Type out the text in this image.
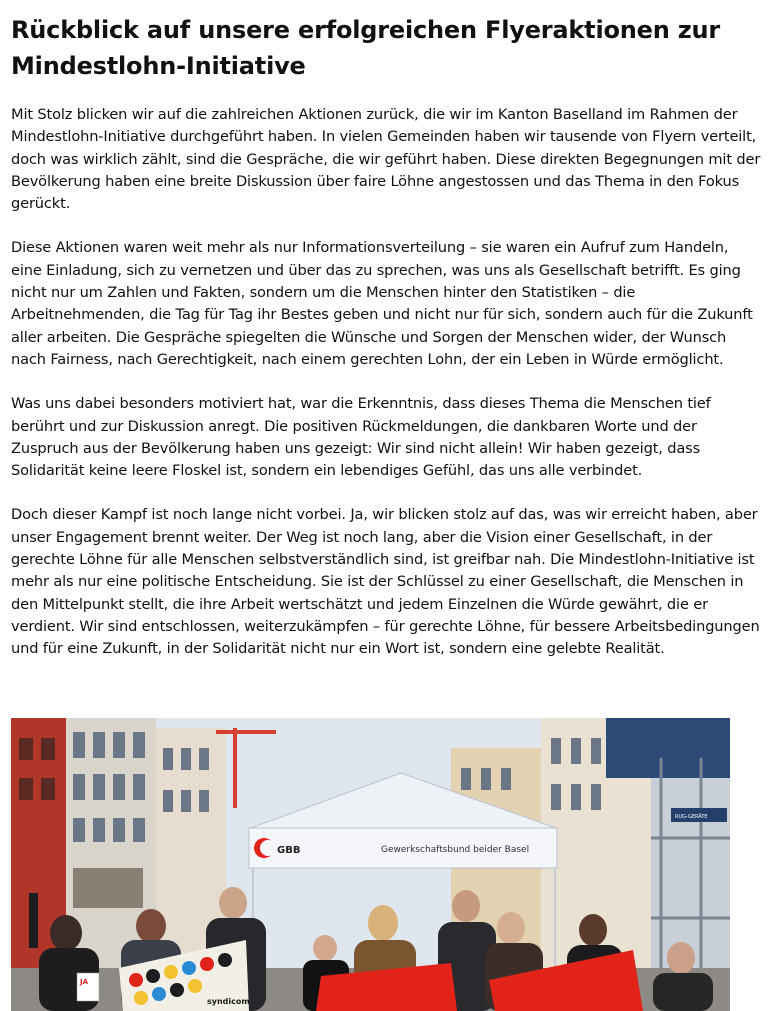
Rückblick auf unsere erfolgreichen Flyeraktionen zur Mindestlohn-Initiative

Mit Stolz blicken wir auf die zahlreichen Aktionen zurück, die wir im Kanton Baselland im Rahmen der Mindestlohn-Initiative durchgeführt haben. In vielen Gemeinden haben wir tausende von Flyern verteilt, doch was wirklich zählt, sind die Gespräche, die wir geführt haben. Diese direkten Begegnungen mit der Bevölkerung haben eine breite Diskussion über faire Löhne angestossen und das Thema in den Fokus gerückt.

Diese Aktionen waren weit mehr als nur Informationsverteilung – sie waren ein Aufruf zum Handeln, eine Einladung, sich zu vernetzen und über das zu sprechen, was uns als Gesellschaft betrifft. Es ging nicht nur um Zahlen und Fakten, sondern um die Menschen hinter den Statistiken – die Arbeitnehmenden, die Tag für Tag ihr Bestes geben und nicht nur für sich, sondern auch für die Zukunft aller arbeiten. Die Gespräche spiegelten die Wünsche und Sorgen der Menschen wider, der Wunsch nach Fairness, nach Gerechtigkeit, nach einem gerechten Lohn, der ein Leben in Würde ermöglicht.

Was uns dabei besonders motiviert hat, war die Erkenntnis, dass dieses Thema die Menschen tief berührt und zur Diskussion anregt. Die positiven Rückmeldungen, die dankbaren Worte und der Zuspruch aus der Bevölkerung haben uns gezeigt: Wir sind nicht allein! Wir haben gezeigt, dass Solidarität keine leere Floskel ist, sondern ein lebendiges Gefühl, das uns alle verbindet.

Doch dieser Kampf ist noch lange nicht vorbei. Ja, wir blicken stolz auf das, was wir erreicht haben, aber unser Engagement brennt weiter. Der Weg ist noch lang, aber die Vision einer Gesellschaft, in der gerechte Löhne für alle Menschen selbstverständlich sind, ist greifbar nah. Die Mindestlohn-Initiative ist mehr als nur eine politische Entscheidung. Sie ist der Schlüssel zu einer Gesellschaft, die Menschen in den Mittelpunkt stellt, die ihre Arbeit wertschätzt und jedem Einzelnen die Würde gewährt, die er verdient. Wir sind entschlossen, weiterzukämpfen – für gerechte Löhne, für bessere Arbeitsbedingungen und für eine Zukunft, in der Solidarität nicht nur ein Wort ist, sondern eine gelebte Realität.

RUG-GERÄTE
GBB	Gewerkschaftsbund beider Basel
syndicom
JA
